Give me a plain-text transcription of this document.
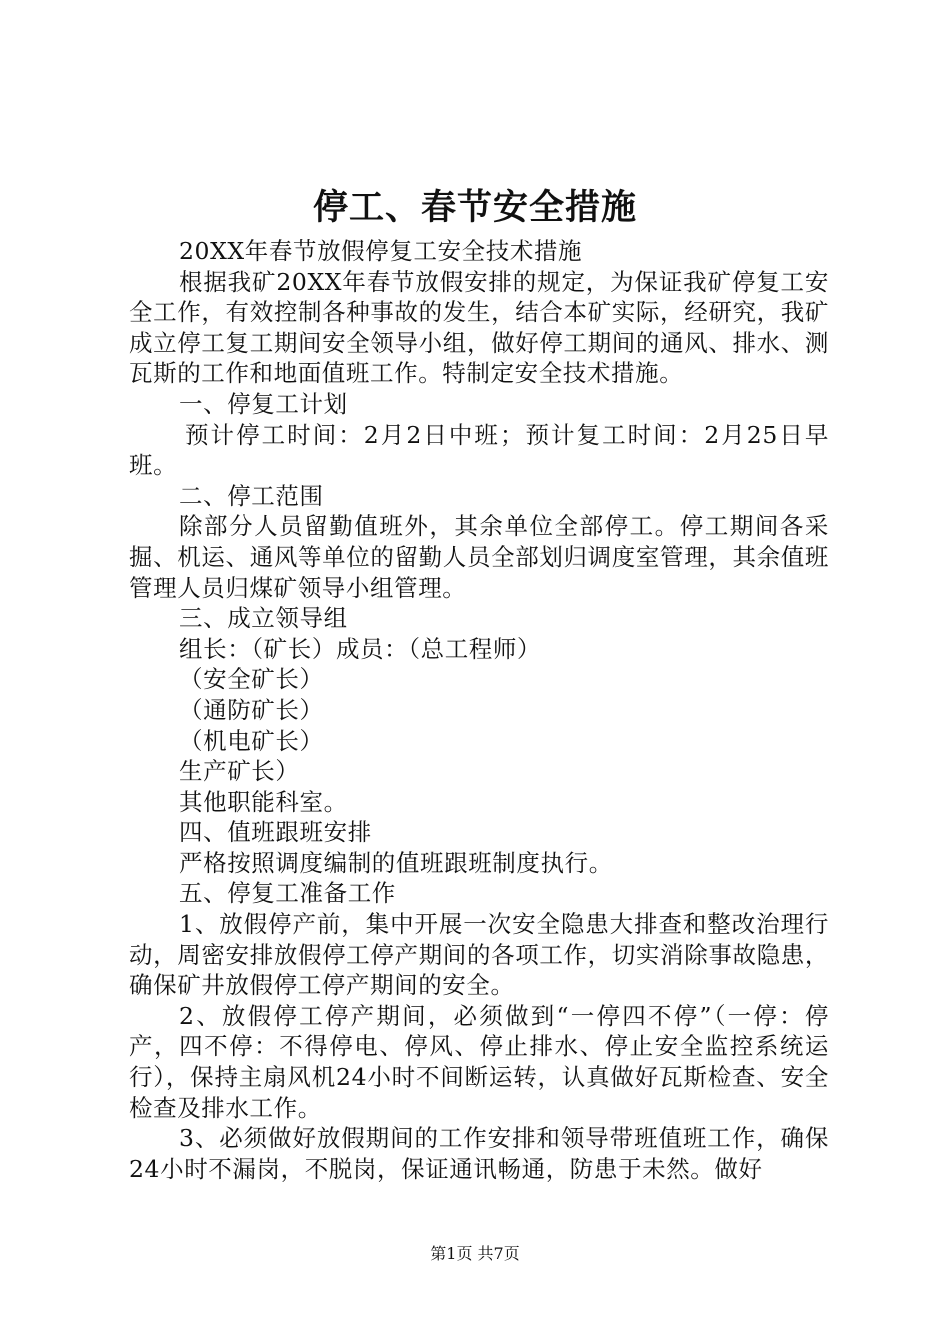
停工、春节安全措施

20XX年春节放假停复工安全技术措施

根据我矿20XX年春节放假安排的规定，为保证我矿停复工安全工作，有效控制各种事故的发生，结合本矿实际，经研究，我矿成立停工复工期间安全领导小组，做好停工期间的通风、排水、测瓦斯的工作和地面值班工作。特制定安全技术措施。

一、停复工计划

预计停工时间：2月2日中班；预计复工时间：2月25日早班。

二、停工范围

除部分人员留勤值班外，其余单位全部停工。停工期间各采掘、机运、通风等单位的留勤人员全部划归调度室管理，其余值班管理人员归煤矿领导小组管理。

三、成立领导组

组长：（矿长）成员：（总工程师）

（安全矿长）

（通防矿长）

（机电矿长）

生产矿长）

其他职能科室。

四、值班跟班安排

严格按照调度编制的值班跟班制度执行。

五、停复工准备工作

1、放假停产前，集中开展一次安全隐患大排查和整改治理行动，周密安排放假停工停产期间的各项工作，切实消除事故隐患，确保矿井放假停工停产期间的安全。

2、放假停工停产期间，必须做到“一停四不停”（一停：停产，四不停：不得停电、停风、停止排水、停止安全监控系统运行），保持主扇风机24小时不间断运转，认真做好瓦斯检查、安全检查及排水工作。

3、必须做好放假期间的工作安排和领导带班值班工作，确保24小时不漏岗，不脱岗，保证通讯畅通，防患于未然。做好

第1页 共7页
